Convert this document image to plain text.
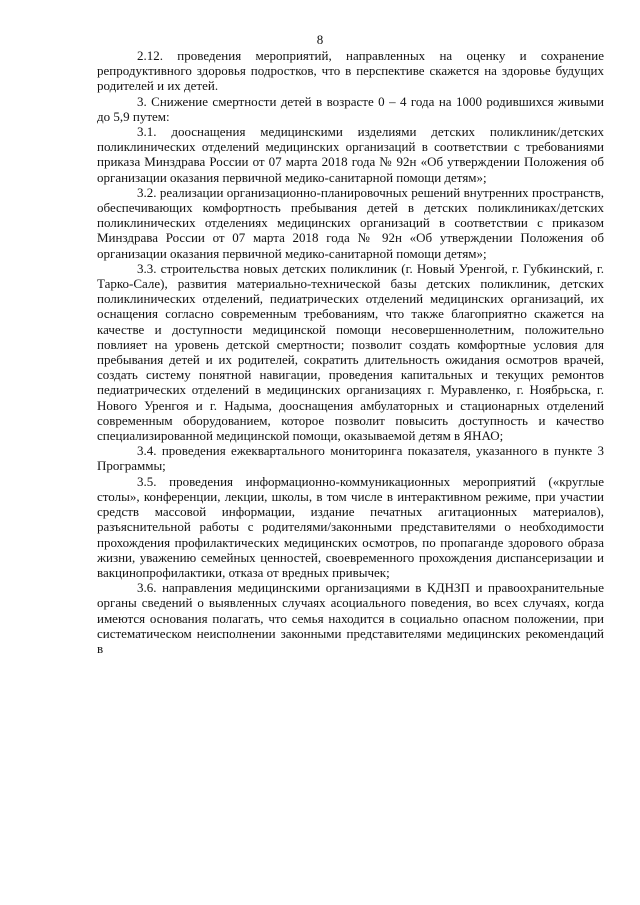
8

2.12. проведения мероприятий, направленных на оценку и сохранение репродуктивного здоровья подростков, что в перспективе скажется на здоровье будущих родителей и их детей.

3. Снижение смертности детей в возрасте 0 – 4 года на 1000 родившихся живыми до 5,9 путем:

3.1. дооснащения медицинскими изделиями детских поликлиник/детских поликлинических отделений медицинских организаций в соответствии с требованиями приказа Минздрава России от 07 марта 2018 года № 92н «Об утверждении Положения об организации оказания первичной медико-санитарной помощи детям»;

3.2. реализации организационно-планировочных решений внутренних пространств, обеспечивающих комфортность пребывания детей в детских поликлиниках/детских поликлинических отделениях медицинских организаций в соответствии с приказом Минздрава России от 07 марта 2018 года № 92н «Об утверждении Положения об организации оказания первичной медико-санитарной помощи детям»;

3.3. строительства новых детских поликлиник (г. Новый Уренгой, г. Губкинский, г. Тарко-Сале), развития материально-технической базы детских поликлиник, детских поликлинических отделений, педиатрических отделений медицинских организаций, их оснащения согласно современным требованиям, что также благоприятно скажется на качестве и доступности медицинской помощи несовершеннолетним, положительно повлияет на уровень детской смертности; позволит создать комфортные условия для пребывания детей и их родителей, сократить длительность ожидания осмотров врачей, создать систему понятной навигации, проведения капитальных и текущих ремонтов педиатрических отделений в медицинских организациях г. Муравленко, г. Ноябрьска, г. Нового Уренгоя и г. Надыма, дооснащения амбулаторных и стационарных отделений современным оборудованием, которое позволит повысить доступность и качество специализированной медицинской помощи, оказываемой детям в ЯНАО;

3.4. проведения ежеквартального мониторинга показателя, указанного в пункте 3 Программы;

3.5. проведения информационно-коммуникационных мероприятий («круглые столы», конференции, лекции, школы, в том числе в интерактивном режиме, при участии средств массовой информации, издание печатных агитационных материалов), разъяснительной работы с родителями/законными представителями о необходимости прохождения профилактических медицинских осмотров, по пропаганде здорового образа жизни, уважению семейных ценностей, своевременного прохождения диспансеризации и вакцинопрофилактики, отказа от вредных привычек;

3.6. направления медицинскими организациями в КДНЗП и правоохранительные органы сведений о выявленных случаях асоциального поведения, во всех случаях, когда имеются основания полагать, что семья находится в социально опасном положении, при систематическом неисполнении законными представителями медицинских рекомендаций в
